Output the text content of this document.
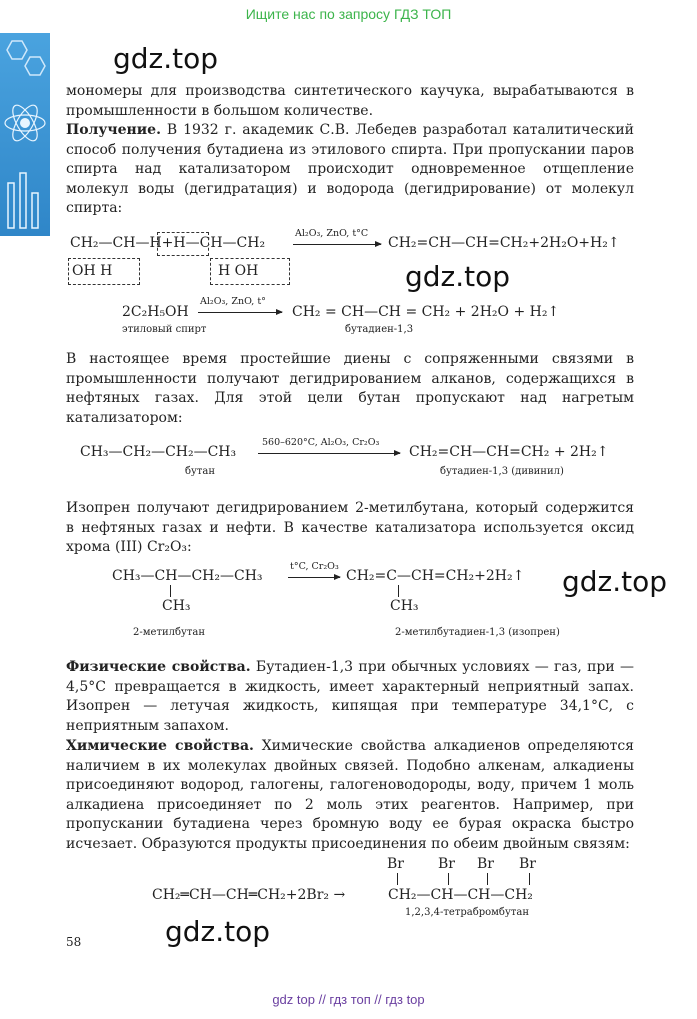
Ищите нас по запросу ГДЗ ТОП
gdz.top
мономеры для производства синтетического каучука, вырабатываются в промышленности в большом количестве.
Получение. В 1932 г. академик С.В. Лебедев разработал каталитический способ получения бутадиена из этилового спирта. При пропускании паров спирта над катализатором происходит одновременное отщепление молекул воды (дегидратация) и водорода (дегидрирование) от молекул спирта:
CH₂—CH—H+H—CH—CH₂
OH H	H OH
Al₂O₃, ZnO, t°C
CH₂=CH—CH=CH₂+2H₂O+H₂↑
gdz.top
2C₂H₅OH
этиловый спирт
Al₂O₃, ZnO, t°
CH₂ = CH—CH = CH₂ + 2H₂O + H₂↑
бутадиен-1,3
В настоящее время простейшие диены с сопряженными связями в промышленности получают дегидрированием алканов, содержащихся в нефтяных газах. Для этой цели бутан пропускают над нагретым катализатором:
CH₃—CH₂—CH₂—CH₃
бутан
560–620°C, Al₂O₃, Cr₂O₃
CH₂=CH—CH=CH₂ + 2H₂↑
бутадиен-1,3 (дивинил)
Изопрен получают дегидрированием 2-метилбутана, который содержится в нефтяных газах и нефти. В качестве катализатора используется оксид хрома (III) Cr₂O₃:
CH₃—CH—CH₂—CH₃
CH₃
2-метилбутан
t°C, Cr₂O₃
CH₂=C—CH=CH₂+2H₂↑
CH₃
2-метилбутадиен-1,3 (изопрен)
gdz.top
Физические свойства. Бутадиен-1,3 при обычных условиях — газ, при — 4,5°С превращается в жидкость, имеет характерный неприятный запах. Изопрен — летучая жидкость, кипящая при температуре 34,1°С, с неприятным запахом.
Химические свойства. Химические свойства алкадиенов определяются наличием в их молекулах двойных связей. Подобно алкенам, алкадиены присоединяют водород, галогены, галогеноводороды, воду, причем 1 моль алкадиена присоединяет по 2 моль этих реагентов. Например, при пропускании бутадиена через бромную воду ее бурая окраска быстро исчезает. Образуются продукты присоединения по обеим двойным связям:
Br Br Br Br
CH₂═CH—CH═CH₂+2Br₂ →	CH₂—CH—CH—CH₂
1,2,3,4-тетрабромбутан
58	gdz.top
gdz top // гдз топ // гдз top
